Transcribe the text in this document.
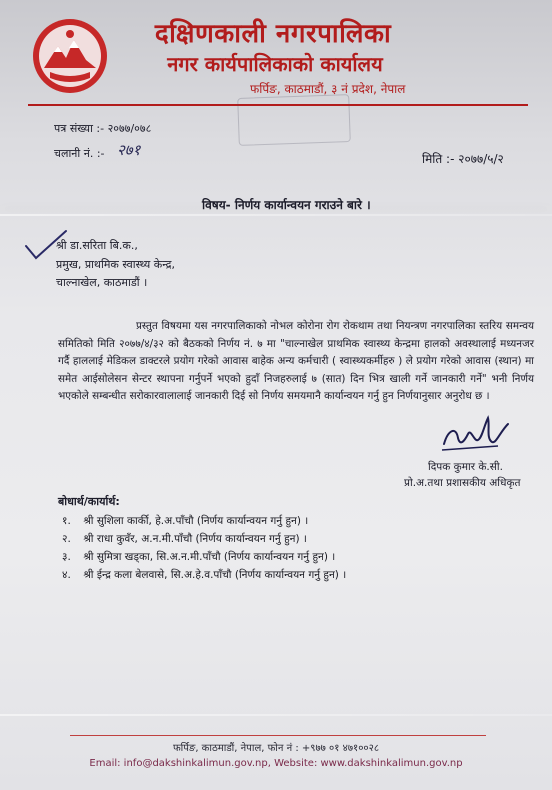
दक्षिणकाली नगरपालिका
नगर कार्यपालिकाको कार्यालय
फर्पिङ, काठमाडौं, ३ नं प्रदेश, नेपाल
पत्र संख्या :- २०७७/०७८
चलानी नं. :- २७१	मिति :- २०७७/५/२
विषय- निर्णय कार्यान्वयन गराउने बारे ।
श्री डा.सरिता बि.क.,
प्रमुख, प्राथमिक स्वास्थ्य केन्द्र,
चाल्नाखेल, काठमाडौं ।
प्रस्तुत विषयमा यस नगरपालिकाको नोभल कोरोना रोग रोकथाम तथा नियन्त्रण नगरपालिका स्तरिय समन्वय समितिको मिति २०७७/४/३२ को बैठकको निर्णय नं. ७ मा "चाल्नाखेल प्राथमिक स्वास्थ्य केन्द्रमा हालको अवस्थालाई मध्यनजर गर्दै हाललाई मेडिकल डाक्टरले प्रयोग गरेको आवास बाहेक अन्य कर्मचारी ( स्वास्थ्यकर्मीहरु ) ले प्रयोग गरेको आवास (स्थान) मा समेत आईसोलेसन सेन्टर स्थापना गर्नुपर्ने भएको हुदाँ निजहरुलाई ७ (सात) दिन भित्र खाली गर्ने जानकारी गर्ने" भनी निर्णय भएकोले सम्बन्धीत सरोकारवालालाई जानकारी दिई सो निर्णय समयमानै कार्यान्वयन गर्नु हुन निर्णयानुसार अनुरोध छ ।
दिपक कुमार के.सी.
प्रो.अ.तथा प्रशासकीय अधिकृत
बोधार्थ/कार्यार्थ:
१. श्री सुशिला कार्की, हे.अ.पाँचौ (निर्णय कार्यान्वयन गर्नु हुन) ।
२. श्री राधा कुवँर, अ.न.मी.पाँचौ (निर्णय कार्यान्वयन गर्नु हुन) ।
३. श्री सुमित्रा खड्का, सि.अ.न.मी.पाँचौ (निर्णय कार्यान्वयन गर्नु हुन) ।
४. श्री ईन्द्र कला बेलवासे, सि.अ.हे.व.पाँचौ (निर्णय कार्यान्वयन गर्नु हुन) ।
फर्पिङ, काठमाडौं, नेपाल, फोन नं : +९७७ ०१ ४७१००२८
Email: info@dakshinkalimun.gov.np, Website: www.dakshinkalimun.gov.np
